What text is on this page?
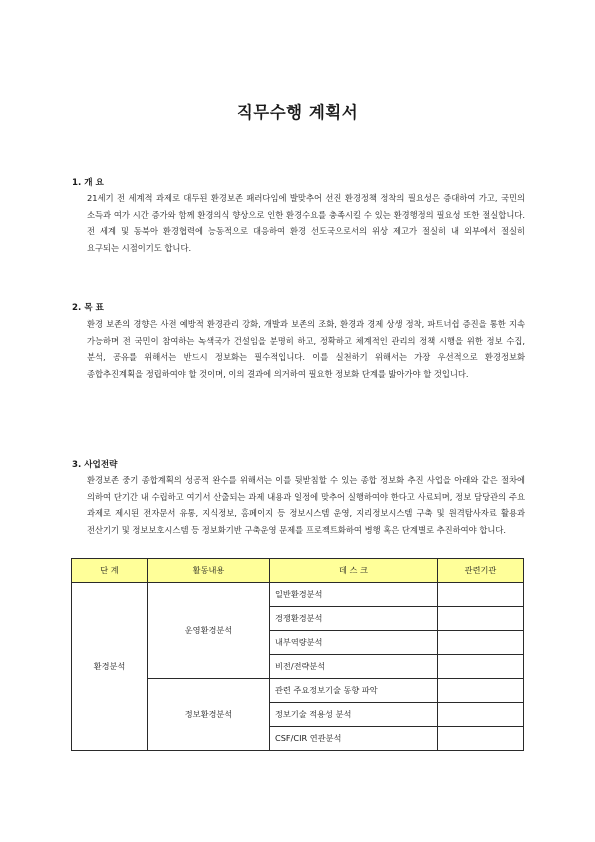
직무수행 계획서
1. 개 요
21세기 전 세계적 과제로 대두된 환경보존 패러다임에 발맞추어 선진 환경정책 정착의 필요성은 증대하여 가고, 국민의 소득과 여가 시간 증가와 함께 환경의식 향상으로 인한 환경수요를 충족시킬 수 있는 환경행정의 필요성 또한 절실합니다. 전 세계 및 동북아 환경협력에 능동적으로 대응하여 환경 선도국으로서의 위상 제고가 절실히 내 외부에서 절실히 요구되는 시점이기도 합니다.
2. 목 표
환경 보존의 경향은 사전 예방적 환경관리 강화, 개발과 보존의 조화, 환경과 경제 상생 정착, 파트너쉽 증진을 통한 지속 가능하며 전 국민이 참여하는 녹색국가 건설임을 분명히 하고, 정확하고 체계적인 관리의 정책 시행을 위한 정보 수집, 분석, 공유를 위해서는 반드시 정보화는 필수적입니다. 이를 실천하기 위해서는 가장 우선적으로 환경정보화 종합추진계획을 정립하여야 할 것이며, 이의 결과에 의거하여 필요한 정보화 단계를 밟아가야 할 것입니다.
3. 사업전략
환경보존 중기 종합계획의 성공적 완수를 위해서는 이를 뒷받침할 수 있는 종합 정보화 추진 사업을 아래와 같은 절차에 의하여 단기간 내 수립하고 여기서 산출되는 과제 내용과 일정에 맞추어 실행하여야 한다고 사료되며, 정보 담당관의 주요 과제로 제시된 전자문서 유통, 지식정보, 홈페이지 등 정보시스템 운영, 지리정보시스템 구축 및 원격탐사자료 활용과 전산기기 및 정보보호시스템 등 정보화기반 구축운영 문제를 프로젝트화하여 병행 혹은 단계별로 추진하여야 합니다.
단 계	활동내용	데 스 크	관련기관
환경분석	운영환경분석	일반환경분석	
		경쟁환경분석	
		내부역량분석	
		비전/전략분석	
	정보환경분석	관련 주요정보기술 동향 파악	
		정보기술 적용성 분석	
		CSF/CIR 연관분석	
